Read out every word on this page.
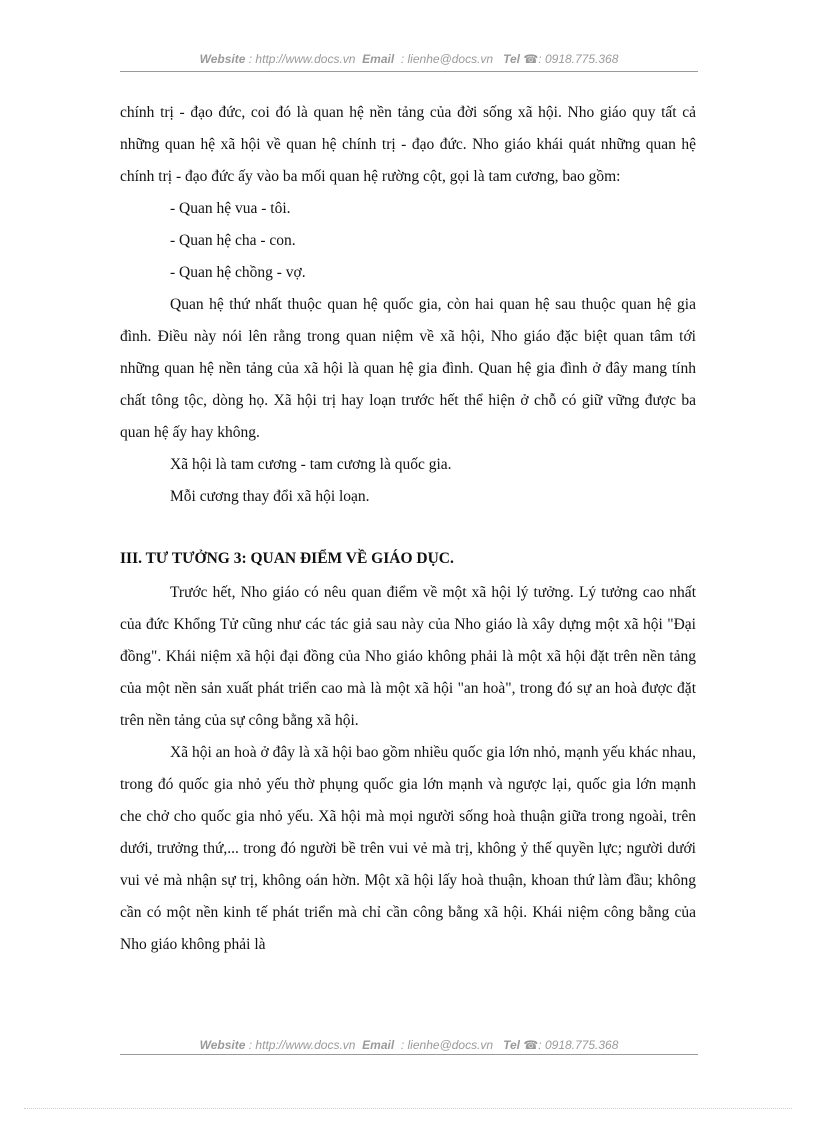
Website : http://www.docs.vn Email : lienhe@docs.vn Tel ☎: 0918.775.368

chính trị - đạo đức, coi đó là quan hệ nền tảng của đời sống xã hội. Nho giáo quy tất cả những quan hệ xã hội về quan hệ chính trị - đạo đức. Nho giáo khái quát những quan hệ chính trị - đạo đức ấy vào ba mối quan hệ rường cột, gọi là tam cương, bao gồm:

- Quan hệ vua - tôi.

- Quan hệ cha - con.

- Quan hệ chồng - vợ.

Quan hệ thứ nhất thuộc quan hệ quốc gia, còn hai quan hệ sau thuộc quan hệ gia đình. Điều này nói lên rằng trong quan niệm về xã hội, Nho giáo đặc biệt quan tâm tới những quan hệ nền tảng của xã hội là quan hệ gia đình. Quan hệ gia đình ở đây mang tính chất tông tộc, dòng họ. Xã hội trị hay loạn trước hết thể hiện ở chỗ có giữ vững được ba quan hệ ấy hay không.

Xã hội là tam cương - tam cương là quốc gia.

Mỗi cương thay đổi xã hội loạn.

III. TƯ TƯỞNG 3: QUAN ĐIỂM VỀ GIÁO DỤC.

Trước hết, Nho giáo có nêu quan điểm về một xã hội lý tưởng. Lý tưởng cao nhất của đức Khổng Tử cũng như các tác giả sau này của Nho giáo là xây dựng một xã hội "Đại đồng". Khái niệm xã hội đại đồng của Nho giáo không phải là một xã hội đặt trên nền tảng của một nền sản xuất phát triển cao mà là một xã hội "an hoà", trong đó sự an hoà được đặt trên nền tảng của sự công bằng xã hội.

Xã hội an hoà ở đây là xã hội bao gồm nhiều quốc gia lớn nhỏ, mạnh yếu khác nhau, trong đó quốc gia nhỏ yếu thờ phụng quốc gia lớn mạnh và ngược lại, quốc gia lớn mạnh che chở cho quốc gia nhỏ yếu. Xã hội mà mọi người sống hoà thuận giữa trong ngoài, trên dưới, trưởng thứ,... trong đó người bề trên vui vẻ mà trị, không ỷ thế quyền lực; người dưới vui vẻ mà nhận sự trị, không oán hờn. Một xã hội lấy hoà thuận, khoan thứ làm đầu; không cần có một nền kinh tế phát triển mà chỉ cần công bằng xã hội. Khái niệm công bằng của Nho giáo không phải là

Website : http://www.docs.vn Email : lienhe@docs.vn Tel ☎: 0918.775.368
